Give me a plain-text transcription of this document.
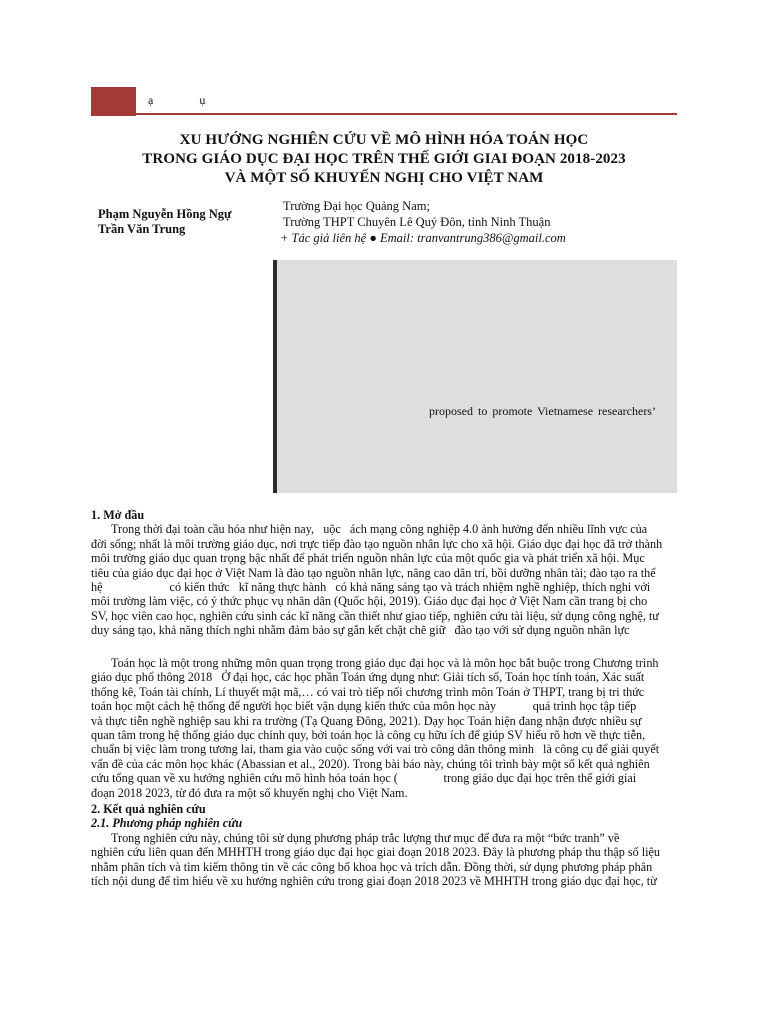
ạ	ụ
XU HƯỚNG NGHIÊN CỨU VỀ MÔ HÌNH HÓA TOÁN HỌC
TRONG GIÁO DỤC ĐẠI HỌC TRÊN THẾ GIỚI GIAI ĐOẠN 2018-2023
VÀ MỘT SỐ KHUYẾN NGHỊ CHO VIỆT NAM
Phạm Nguyễn Hồng Ngự
Trần Văn Trung
Trường Đại học Quảng Nam;
Trường THPT Chuyên Lê Quý Đôn, tỉnh Ninh Thuận
+ Tác giả liên hệ ● Email: tranvantrung386@gmail.com
proposed to promote Vietnamese researchers’
1. Mở đầu
Trong thời đại toàn cầu hóa như hiện nay,   uộc   ách mạng công nghiệp 4.0 ảnh hưởng đến nhiều lĩnh vực của
đời sống; nhất là môi trường giáo dục, nơi trực tiếp đào tạo nguồn nhân lực cho xã hội. Giáo dục đại học đã trở thành
môi trường giáo dục quan trọng bậc nhất để phát triển nguồn nhân lực của một quốc gia và phát triển xã hội. Mục
tiêu của giáo dục đại học ở Việt Nam là đào tạo nguồn nhân lực, nâng cao dân trí, bồi dưỡng nhân tài; đào tạo ra thế
hệ                      có kiến thức   kĩ năng thực hành   có khả năng sáng tạo và trách nhiệm nghề nghiệp, thích nghi với
môi trường làm việc, có ý thức phục vụ nhân dân (Quốc hội, 2019). Giáo dục đại học ở Việt Nam cần trang bị cho
SV, học viên cao học, nghiên cứu sinh các kĩ năng cần thiết như giao tiếp, nghiên cứu tài liệu, sử dụng công nghệ, tư
duy sáng tạo, khả năng thích nghi nhằm đảm bảo sự gắn kết chặt chẽ giữ   đào tạo với sử dụng nguồn nhân lực
Toán học là một trong những môn quan trọng trong giáo dục đại học và là môn học bắt buộc trong Chương trình
giáo dục phổ thông 2018   Ở đại học, các học phần Toán ứng dụng như: Giải tích số, Toán học tính toán, Xác suất
thống kê, Toán tài chính, Lí thuyết mật mã,… có vai trò tiếp nối chương trình môn Toán ở THPT, trang bị tri thức
toán học một cách hệ thống để người học biết vận dụng kiến thức của môn học này            quá trình học tập tiếp
và thực tiễn nghề nghiệp sau khi ra trường (Tạ Quang Đông, 2021). Dạy học Toán hiện đang nhận được nhiều sự
quan tâm trong hệ thống giáo dục chính quy, bởi toán học là công cụ hữu ích để giúp SV hiểu rõ hơn về thực tiễn,
chuẩn bị việc làm trong tương lai, tham gia vào cuộc sống với vai trò công dân thông minh   là công cụ để giải quyết
vấn đề của các môn học khác (Abassian et al., 2020). Trong bài báo này, chúng tôi trình bày một số kết quả nghiên
cứu tổng quan về xu hướng nghiên cứu mô hình hóa toán học (               trong giáo dục đại học trên thế giới giai
đoạn 2018 2023, từ đó đưa ra một số khuyến nghị cho Việt Nam.
2. Kết quả nghiên cứu
2.1. Phương pháp nghiên cứu
Trong nghiên cứu này, chúng tôi sử dụng phương pháp trắc lượng thư mục để đưa ra một “bức tranh” về
nghiên cứu liên quan đến MHHTH trong giáo dục đại học giai đoạn 2018 2023. Đây là phương pháp thu thập số liệu
nhằm phân tích và tìm kiếm thông tin về các công bố khoa học và trích dẫn. Đồng thời, sử dụng phương pháp phân
tích nội dung để tìm hiểu về xu hướng nghiên cứu trong giai đoạn 2018 2023 về MHHTH trong giáo dục đại học, từ
